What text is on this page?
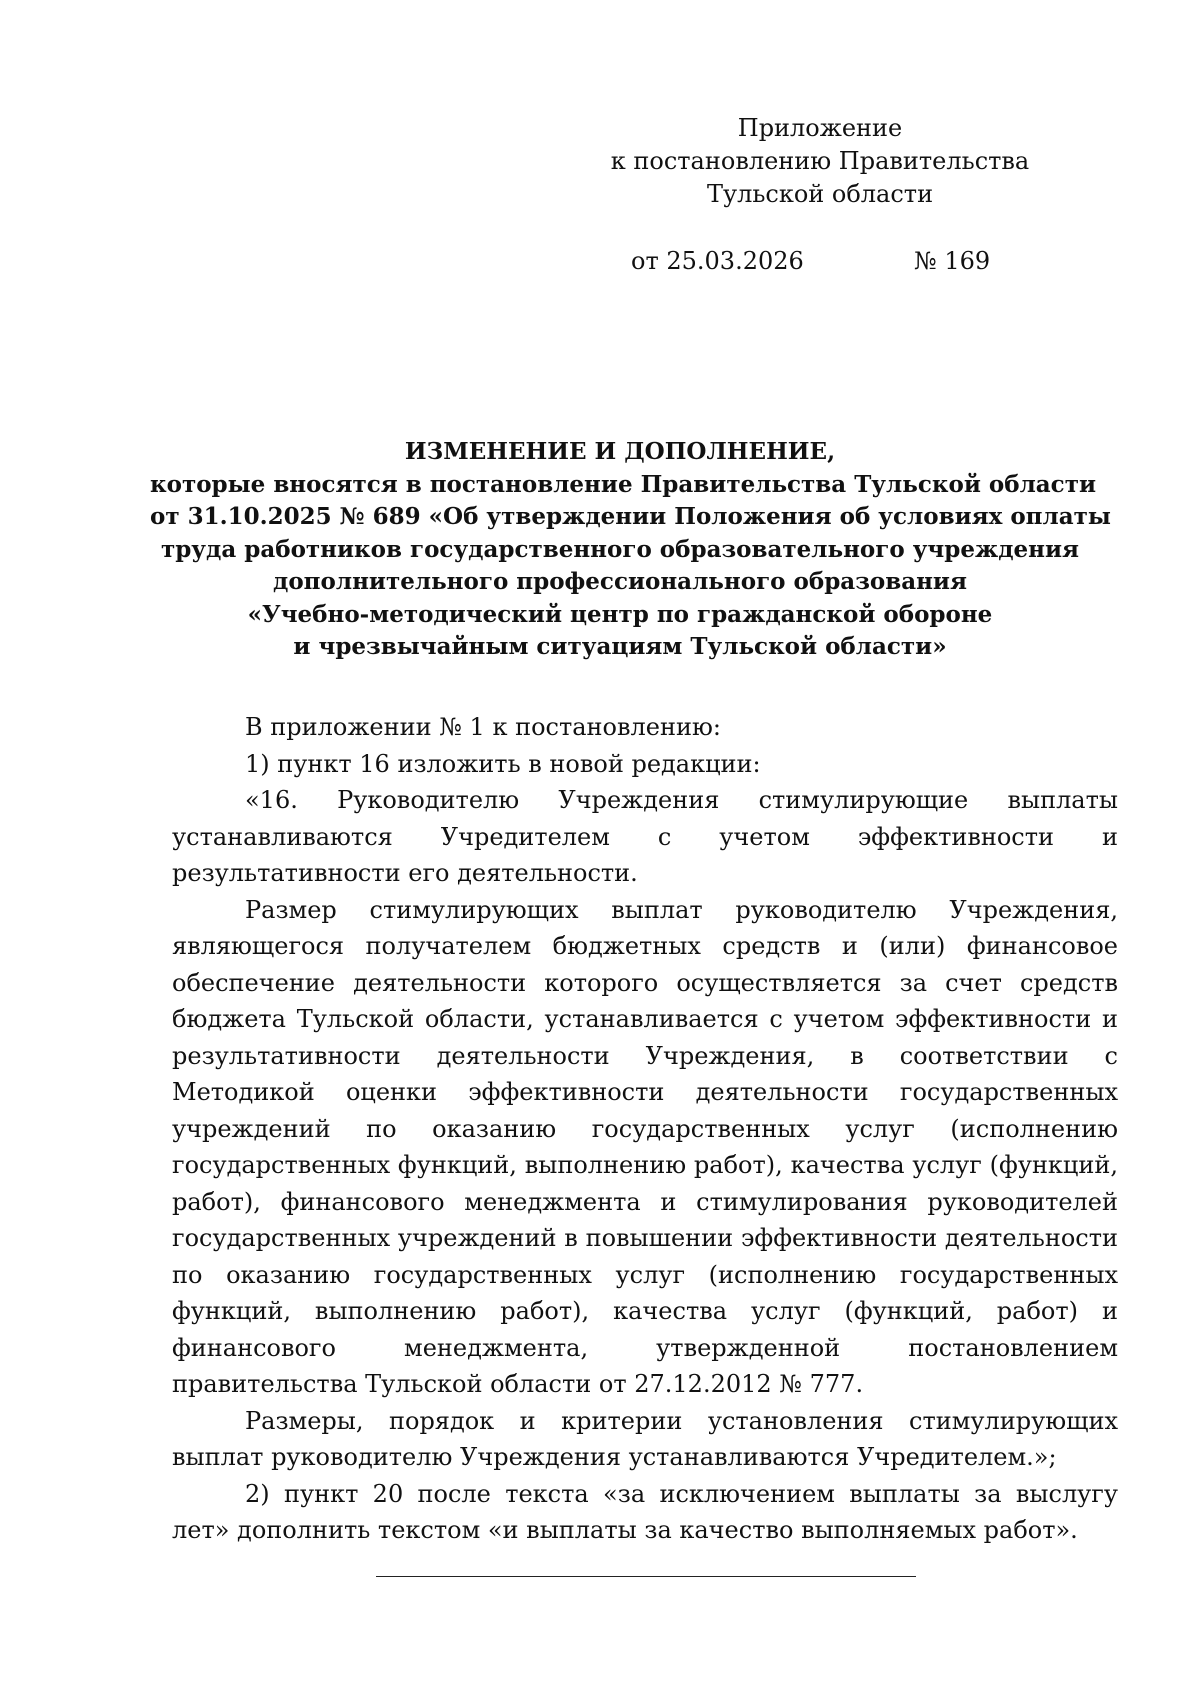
Приложение
к постановлению Правительства
Тульской области
от 25.03.2026	№ 169
ИЗМЕНЕНИЕ И ДОПОЛНЕНИЕ,
которые вносятся в постановление Правительства Тульской области
от 31.10.2025 № 689 «Об утверждении Положения об условиях оплаты
труда работников государственного образовательного учреждения
дополнительного профессионального образования
«Учебно-методический центр по гражданской обороне
и чрезвычайным ситуациям Тульской области»

В приложении № 1 к постановлению:

1) пункт 16 изложить в новой редакции:

«16. Руководителю Учреждения стимулирующие выплаты устанавливаются Учредителем с учетом эффективности и результативности его деятельности.

Размер стимулирующих выплат руководителю Учреждения, являющегося получателем бюджетных средств и (или) финансовое обеспечение деятельности которого осуществляется за счет средств бюджета Тульской области, устанавливается с учетом эффективности и результативности деятельности Учреждения, в соответствии с Методикой оценки эффективности деятельности государственных учреждений по оказанию государственных услуг (исполнению государственных функций, выполнению работ), качества услуг (функций, работ), финансового менеджмента и стимулирования руководителей государственных учреждений в повышении эффективности деятельности по оказанию государственных услуг (исполнению государственных функций, выполнению работ), качества услуг (функций, работ) и финансового менеджмента, утвержденной постановлением правительства Тульской области от 27.12.2012 № 777.

Размеры, порядок и критерии установления стимулирующих выплат руководителю Учреждения устанавливаются Учредителем.»;

2) пункт 20 после текста «за исключением выплаты за выслугу лет» дополнить текстом «и выплаты за качество выполняемых работ».
